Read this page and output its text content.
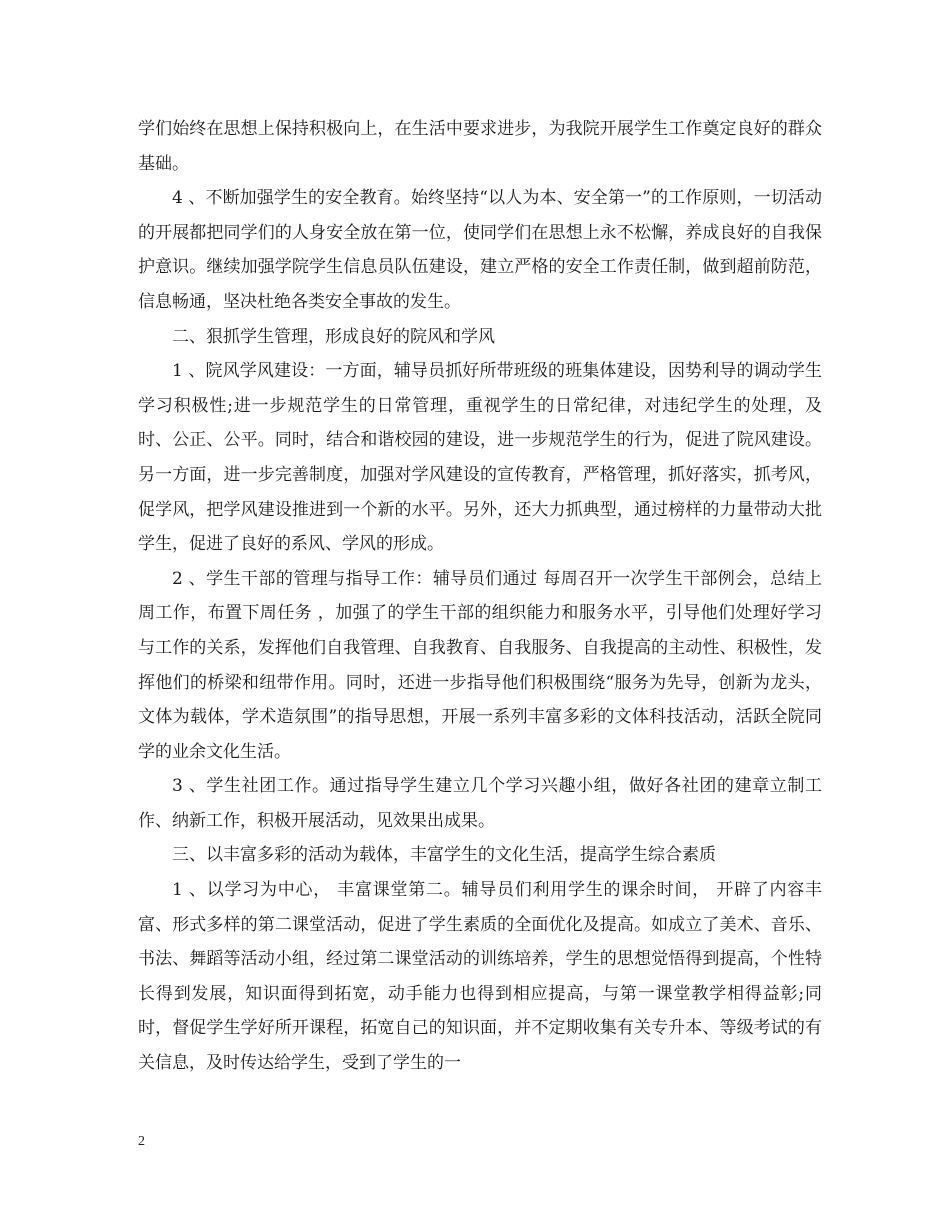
学们始终在思想上保持积极向上，在生活中要求进步，为我院开展学生工作奠定良好的群众基础。

4 、不断加强学生的安全教育。始终坚持“以人为本、安全第一”的工作原则，一切活动的开展都把同学们的人身安全放在第一位，使同学们在思想上永不松懈，养成良好的自我保护意识。继续加强学院学生信息员队伍建设，建立严格的安全工作责任制，做到超前防范，信息畅通，坚决杜绝各类安全事故的发生。

二、狠抓学生管理，形成良好的院风和学风

1 、院风学风建设：一方面，辅导员抓好所带班级的班集体建设，因势利导的调动学生学习积极性;进一步规范学生的日常管理，重视学生的日常纪律，对违纪学生的处理，及时、公正、公平。同时，结合和谐校园的建设，进一步规范学生的行为，促进了院风建设。另一方面，进一步完善制度，加强对学风建设的宣传教育，严格管理，抓好落实，抓考风，促学风，把学风建设推进到一个新的水平。另外，还大力抓典型，通过榜样的力量带动大批学生，促进了良好的系风、学风的形成。

2 、学生干部的管理与指导工作：辅导员们通过 每周召开一次学生干部例会，总结上周工作，布置下周任务 ，加强了的学生干部的组织能力和服务水平，引导他们处理好学习与工作的关系，发挥他们自我管理、自我教育、自我服务、自我提高的主动性、积极性，发挥他们的桥梁和纽带作用。同时，还进一步指导他们积极围绕“服务为先导，创新为龙头，文体为载体，学术造氛围”的指导思想，开展一系列丰富多彩的文体科技活动，活跃全院同学的业余文化生活。

3 、学生社团工作。通过指导学生建立几个学习兴趣小组，做好各社团的建章立制工作、纳新工作，积极开展活动，见效果出成果。

三、以丰富多彩的活动为载体，丰富学生的文化生活，提高学生综合素质

1 、以学习为中心， 丰富课堂第二。辅导员们利用学生的课余时间， 开辟了内容丰富、形式多样的第二课堂活动，促进了学生素质的全面优化及提高。如成立了美术、音乐、书法、舞蹈等活动小组，经过第二课堂活动的训练培养，学生的思想觉悟得到提高，个性特长得到发展，知识面得到拓宽，动手能力也得到相应提高，与第一课堂教学相得益彰;同时，督促学生学好所开课程，拓宽自己的知识面，并不定期收集有关专升本、等级考试的有关信息，及时传达给学生，受到了学生的一

2
